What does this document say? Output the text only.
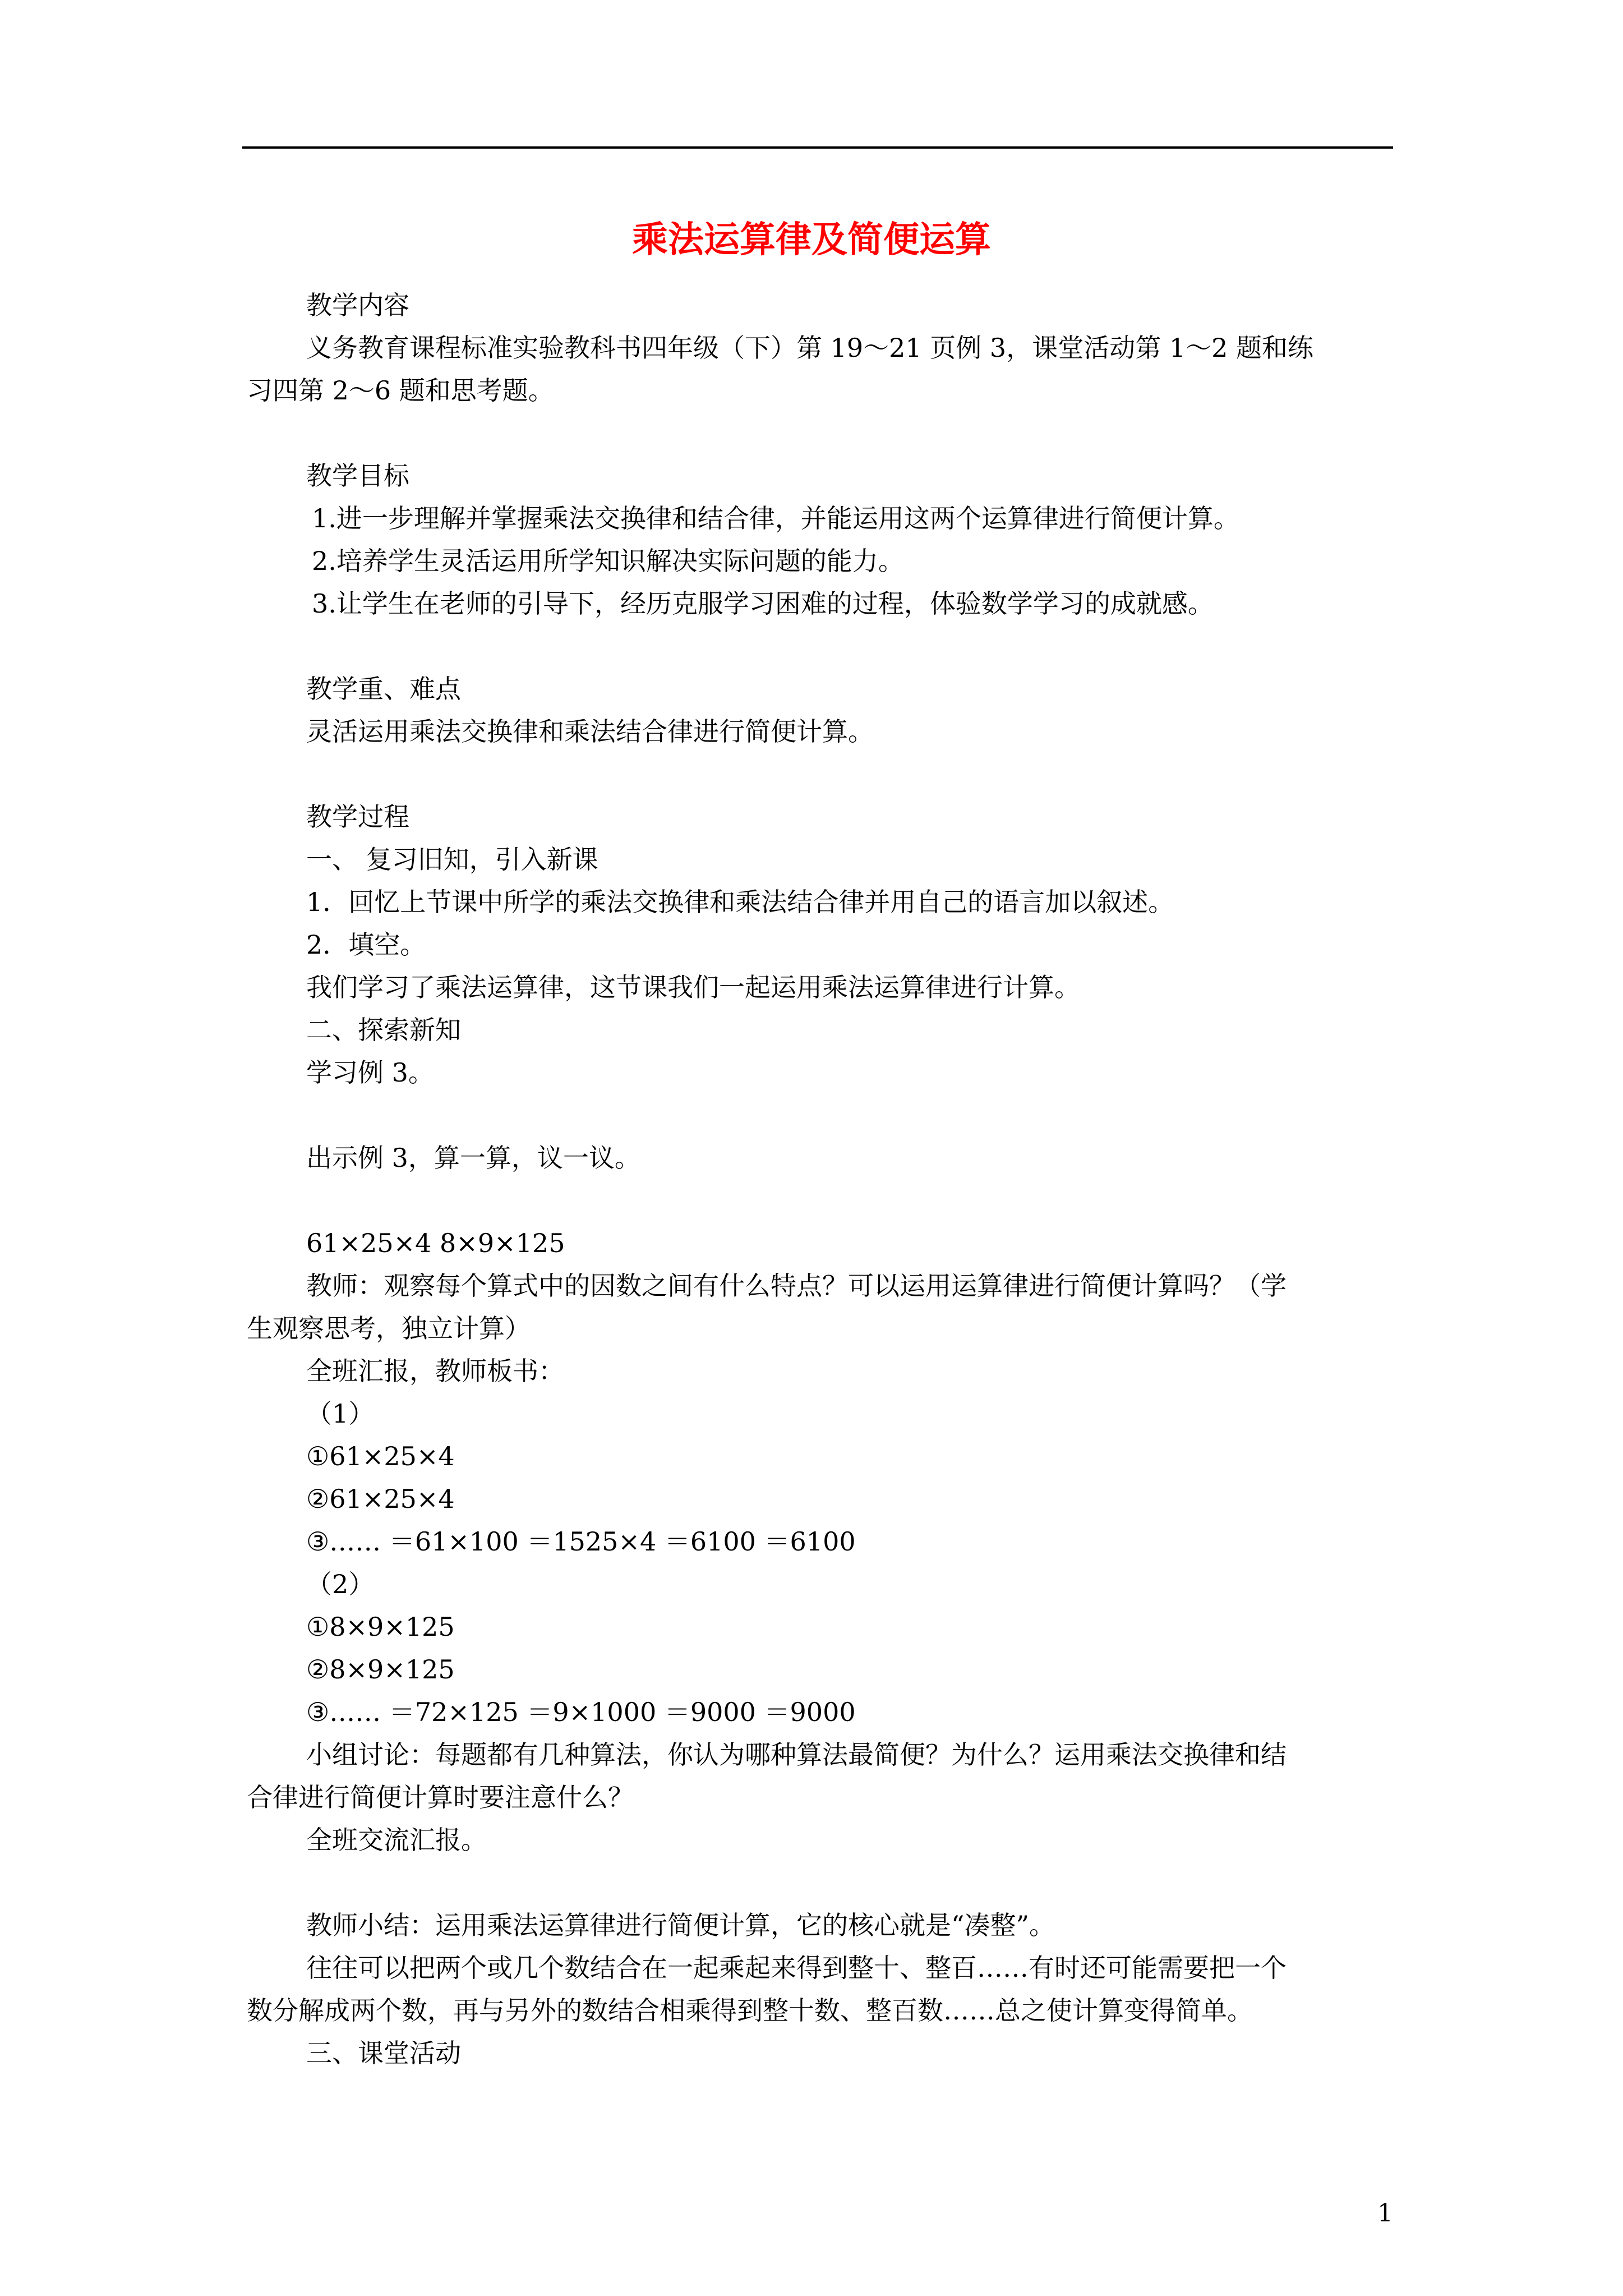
乘法运算律及简便运算
教学内容
义务教育课程标准实验教科书四年级（下）第 19～21 页例 3，课堂活动第 1～2 题和练
习四第 2～6 题和思考题。
教学目标
1.进一步理解并掌握乘法交换律和结合律，并能运用这两个运算律进行简便计算。
2.培养学生灵活运用所学知识解决实际问题的能力。
3.让学生在老师的引导下，经历克服学习困难的过程，体验数学学习的成就感。
教学重、难点
灵活运用乘法交换律和乘法结合律进行简便计算。
教学过程
一、 复习旧知，引入新课
1．回忆上节课中所学的乘法交换律和乘法结合律并用自己的语言加以叙述。
2．填空。
我们学习了乘法运算律，这节课我们一起运用乘法运算律进行计算。
二、探索新知
学习例 3。
出示例 3，算一算，议一议。
61×25×4 8×9×125
教师：观察每个算式中的因数之间有什么特点？可以运用运算律进行简便计算吗？（学
生观察思考，独立计算）
全班汇报，教师板书：
（1）
①61×25×4
②61×25×4
③…… ＝61×100 ＝1525×4 ＝6100 ＝6100
（2）
①8×9×125
②8×9×125
③…… ＝72×125 ＝9×1000 ＝9000 ＝9000
小组讨论：每题都有几种算法，你认为哪种算法最简便？为什么？运用乘法交换律和结
合律进行简便计算时要注意什么？
全班交流汇报。
教师小结：运用乘法运算律进行简便计算，它的核心就是“凑整”。
往往可以把两个或几个数结合在一起乘起来得到整十、整百……有时还可能需要把一个
数分解成两个数，再与另外的数结合相乘得到整十数、整百数……总之使计算变得简单。
三、课堂活动
1
